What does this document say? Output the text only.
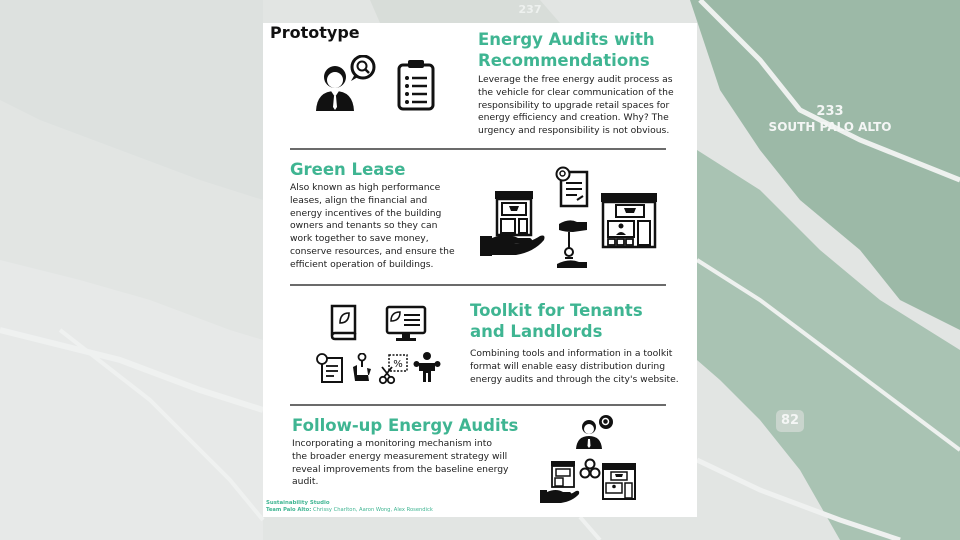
233
SOUTH PALO ALTO
82
237

Prototype	Energy Audits with

Recommendations

Leverage the free energy audit process as
the vehicle for clear communication of the
responsibility to upgrade retail spaces for
energy efficiency and creation. Why? The
urgency and responsibility is not obvious.

Green Lease

Also known as high performance
leases, align the financial and
energy incentives of the building
owners and tenants so they can
work together to save money,
conserve resources, and ensure the
efficient operation of buildings.

%

Toolkit for Tenants

and Landlords

Combining tools and information in a toolkit
format will enable easy distribution during
energy audits and through the city's website.

Follow-up Energy Audits

Incorporating a monitoring mechanism into
the broader energy measurement strategy will
reveal improvements from the baseline energy
audit.

Sustainability Studio
Team Palo Alto: Chrissy Charlton, Aaron Wong, Alex Rosendick
